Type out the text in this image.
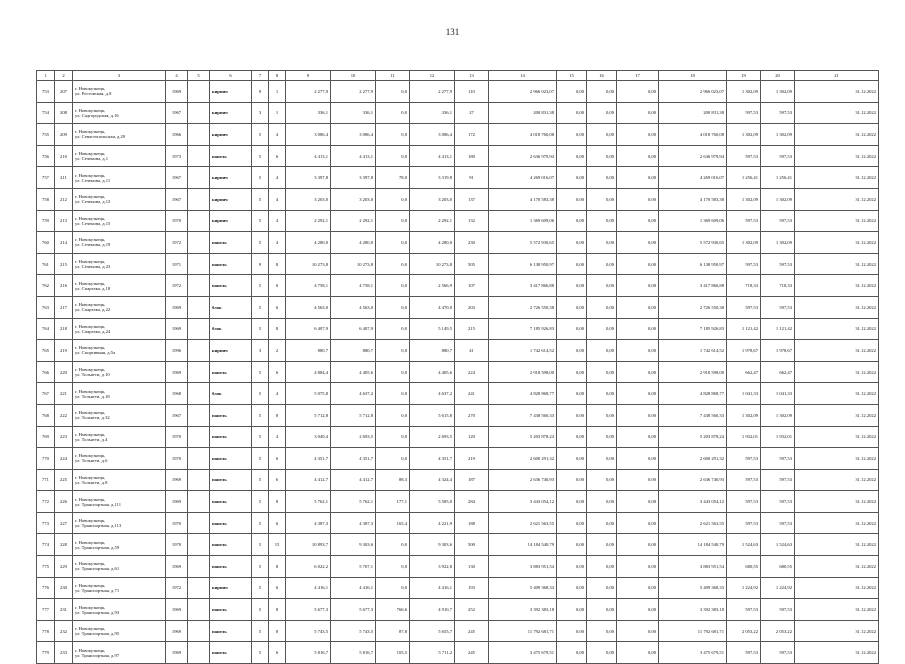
131
1	2	3	4	5	6	7	8	9	10	11	12	13	14	15	16	17	18	19	20	21
753	207	г. Новокузнецк,
ул. Ростовская, д.8	1969		кирпич	9	1	2 277,9	2 277,9	0,0	2 277,9	110	2 966 023,07	0,00	0,00	0,00	2 966 023,07	1 302,09	1 302,09	31.12.2022
754	208	г. Новокузнецк,
ул. Садгородская, д.16	1967		кирпич	3	1	336,1	336,1	0,0	336,1	27	200 831,38	0,00	0,00	0,00	200 831,38	597,53	597,53	31.12.2022
755	209	г. Новокузнецк,
ул. Севастопольская, д.29	1966		кирпич	5	4	3 086,4	3 086,4	0,0	3 086,4	172	4 018 760,08	0,00	0,00	0,00	4 018 760,08	1 302,09	1 302,09	31.12.2022
756	210	г. Новокузнецк,
ул. Сеченова, д.1	1973		панель	5	6	4 413,1	4 413,1	0,0	4 413,1	180	2 636 979,94	0,00	0,00	0,00	2 636 979,94	597,53	597,53	31.12.2022
757	211	г. Новокузнецк,
ул. Сеченова, д.11	1967		кирпич	5	4	3 397,8	3 397,8	78,0	3 319,8	91	4 269 016,07	0,00	0,00	0,00	4 269 016,07	1 256,41	1 256,41	31.12.2022
758	212	г. Новокузнецк,
ул. Сеченова, д.13	1967		кирпич	5	4	3 203,0	3 203,0	0,0	3 203,0	137	4 170 583,38	0,00	0,00	0,00	4 170 583,38	1 302,09	1 302,09	31.12.2022
759	213	г. Новокузнецк,
ул. Сеченова, д.15	1970		кирпич	5	4	2 292,1	2 292,1	0,0	2 292,1	132	1 369 609,06	0,00	0,00	0,00	1 369 609,06	597,53	597,53	31.12.2022
760	214	г. Новокузнецк,
ул. Сеченова, д.19	1972		панель	5	4	4 280,0	4 280,0	0,0	4 280,0	230	5 572 930,65	0,00	0,00	0,00	5 572 930,65	1 302,09	1 302,09	31.12.2022
761	215	г. Новокузнецк,
ул. Сеченова, д.23	1971		панель	9	8	10 273,8	10 273,8	0,0	10 273,8	505	6 138 950,97	0,00	0,00	0,00	6 138 950,97	597,53	597,53	31.12.2022
762	216	г. Новокузнецк,
ул. Спартака, д.18	1972		панель	5	6	4 758,1	4 758,1	0,0	2 566,9	107	3 417 866,88	0,00	0,00	0,00	3 417 866,88	718,33	718,33	31.12.2022
763	217	г. Новокузнецк,
ул. Спартака, д.22	1969		блок	5	6	4 563,0	4 563,0	0,0	4 470,0	203	2 726 550,38	0,00	0,00	0,00	2 726 550,38	597,53	597,53	31.12.2022
764	218	г. Новокузнецк,
ул. Спартака, д.24	1969		блок	5	8	6 407,9	6 407,9	0,0	5 149,5	215	7 185 926,83	0,00	0,00	0,00	7 185 926,83	1 121,42	1 121,42	31.12.2022
765	219	г. Новокузнецк,
ул. Спортивная, д.5а	1996		кирпич	3	2	880,7	880,7	0,0	880,7	41	1 742 614,52	0,00	0,00	0,00	1 742 614,52	1 978,67	1 978,67	31.12.2022
766	220	г. Новокузнецк,
ул. Тольятти, д.10	1969		панель	5	6	4 884,4	4 405,6	0,0	4 405,6	224	2 918 598,00	0,00	0,00	0,00	2 918 598,00	662,47	662,47	31.12.2022
767	221	г. Новокузнецк,
ул. Тольятти, д.18	1968		блок	5	4	5 075,8	4 637,2	0,0	4 637,2	241	4 828 868,77	0,00	0,00	0,00	4 828 868,77	1 041,33	1 041,33	31.12.2022
768	222	г. Новокузнецк,
ул. Тольятти, д.32	1967		панель	5	8	5 712,8	5 712,8	0,0	5 615,8	270	7 438 560,33	0,00	0,00	0,00	7 438 560,33	1 302,09	1 302,09	31.12.2022
769	223	г. Новокузнецк,
ул. Тольятти, д.4	1970		панель	5	4	3 049,4	2 693,5	0,0	2 693,5	120	5 203 878,24	0,00	0,00	0,00	5 203 878,24	1 932,01	1 932,01	31.12.2022
770	224	г. Новокузнецк,
ул. Тольятти, д.6	1970		панель	5	6	4 351,7	4 351,7	0,0	4 351,7	219	2 600 291,32	0,00	0,00	0,00	2 600 291,32	597,53	597,53	31.12.2022
771	225	г. Новокузнецк,
ул. Тольятти, д.8	1969		панель	5	6	4 412,7	4 412,7	88,3	4 324,4	187	2 636 740,93	0,00	0,00	0,00	2 636 740,93	597,53	597,53	31.12.2022
772	226	г. Новокузнецк,
ул. Транспортная, д.111	1969		панель	5	8	5 762,1	5 762,1	177,1	5 585,0	284	3 443 054,12	0,00	0,00	0,00	3 443 054,12	597,53	597,53	31.12.2022
773	227	г. Новокузнецк,
ул. Транспортная, д.113	1970		панель	5	6	4 387,3	4 387,3	165,4	4 221,9	188	2 621 563,55	0,00	0,00	0,00	2 621 563,55	597,53	597,53	31.12.2022
774	228	г. Новокузнецк,
ул. Транспортная, д.59	1970		панель	5	15	10 893,7	9 303,6	0,0	9 303,6	500	14 184 540,79	0,00	0,00	0,00	14 184 540,79	1 524,63	1 524,63	31.12.2022
775	229	г. Новокузнецк,
ул. Транспортная, д.61	1969		панель	5	8	6 022,2	5 707,1	0,0	3 922,8	130	3 883 951,54	0,00	0,00	0,00	3 883 951,54	680,55	680,55	31.12.2022
776	230	г. Новокузнецк,
ул. Транспортная, д.71	1972		кирпич	5	6	4 416,1	4 416,1	0,0	4 416,1	193	5 409 368,33	0,00	0,00	0,00	5 409 368,33	1 224,92	1 224,92	31.12.2022
777	231	г. Новокузнецк,
ул. Транспортная, д.93	1969		панель	5	8	5 677,3	5 677,3	766,6	4 910,7	252	3 392 383,18	0,00	0,00	0,00	3 392 383,18	597,53	597,53	31.12.2022
778	232	г. Новокузнецк,
ул. Транспортная, д.95	1969		панель	5	8	5 743,5	5 743,5	87,8	5 655,7	245	11 792 681,71	0,00	0,00	0,00	11 792 681,71	2 053,22	2 053,22	31.12.2022
779	233	г. Новокузнецк,
ул. Транспортная, д.97	1969		панель	5	6	5 816,7	5 816,7	105,5	5 711,2	245	3 475 679,51	0,00	0,00	0,00	3 475 679,51	597,53	597,53	31.12.2022
